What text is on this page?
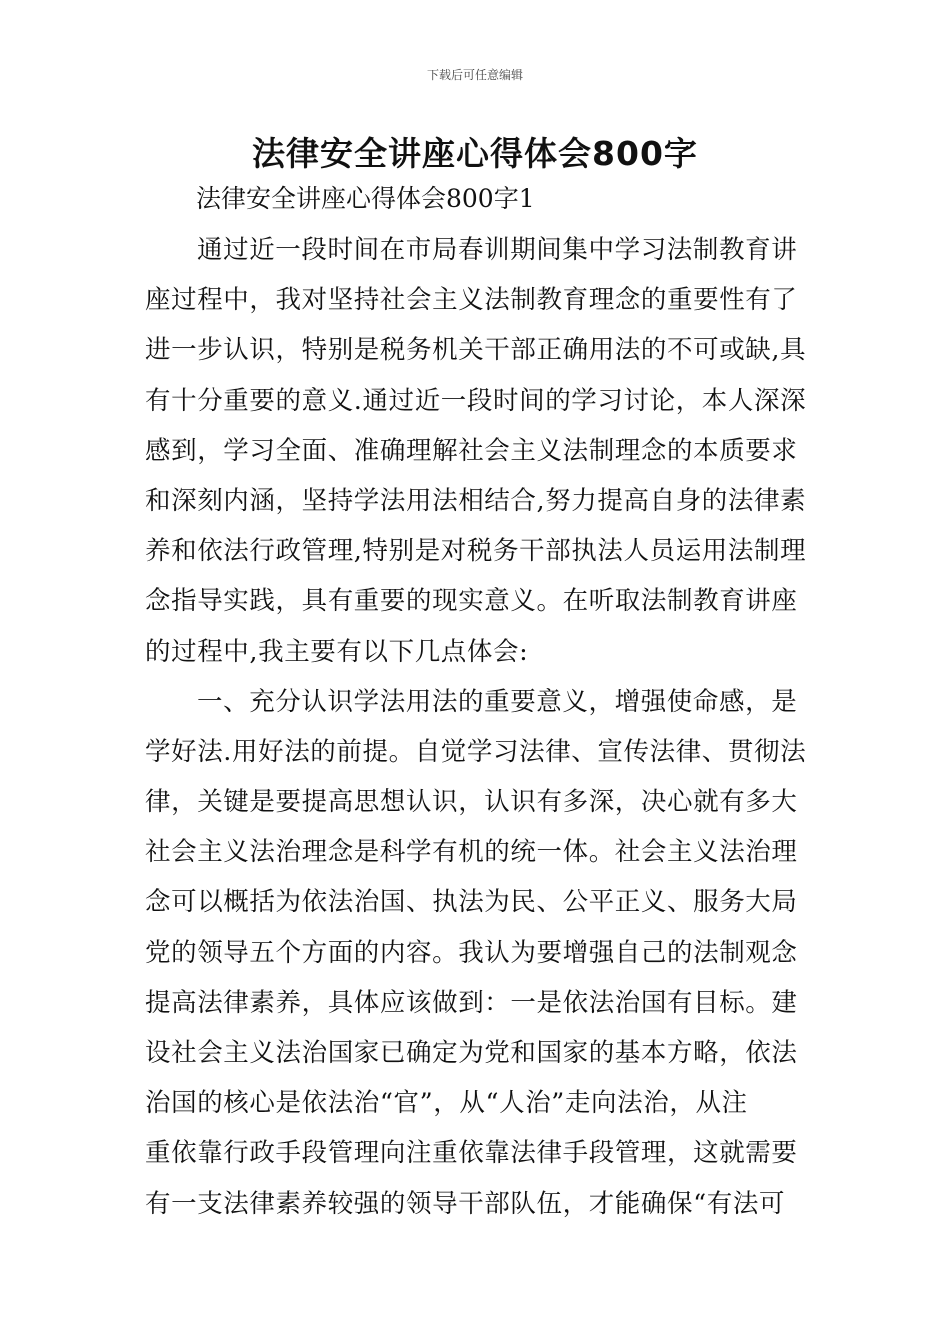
下载后可任意编辑
法律安全讲座心得体会800字

法律安全讲座心得体会800字1

通过近一段时间在市局春训期间集中学习法制教育讲
座过程中，我对坚持社会主义法制教育理念的重要性有了
进一步认识，特别是税务机关干部正确用法的不可或缺,具
有十分重要的意义.通过近一段时间的学习讨论，本人深深
感到，学习全面、准确理解社会主义法制理念的本质要求
和深刻内涵，坚持学法用法相结合,努力提高自身的法律素
养和依法行政管理,特别是对税务干部执法人员运用法制理
念指导实践，具有重要的现实意义。在听取法制教育讲座
的过程中,我主要有以下几点体会:
一、充分认识学法用法的重要意义，增强使命感，是
学好法.用好法的前提。自觉学习法律、宣传法律、贯彻法
律，关键是要提高思想认识，认识有多深，决心就有多大
社会主义法治理念是科学有机的统一体。社会主义法治理
念可以概括为依法治国、执法为民、公平正义、服务大局
党的领导五个方面的内容。我认为要增强自己的法制观念
提高法律素养，具体应该做到：一是依法治国有目标。建
设社会主义法治国家已确定为党和国家的基本方略，依法
治国的核心是依法治“官”，从“人治”走向法治，从注
重依靠行政手段管理向注重依靠法律手段管理，这就需要
有一支法律素养较强的领导干部队伍，才能确保“有法可
